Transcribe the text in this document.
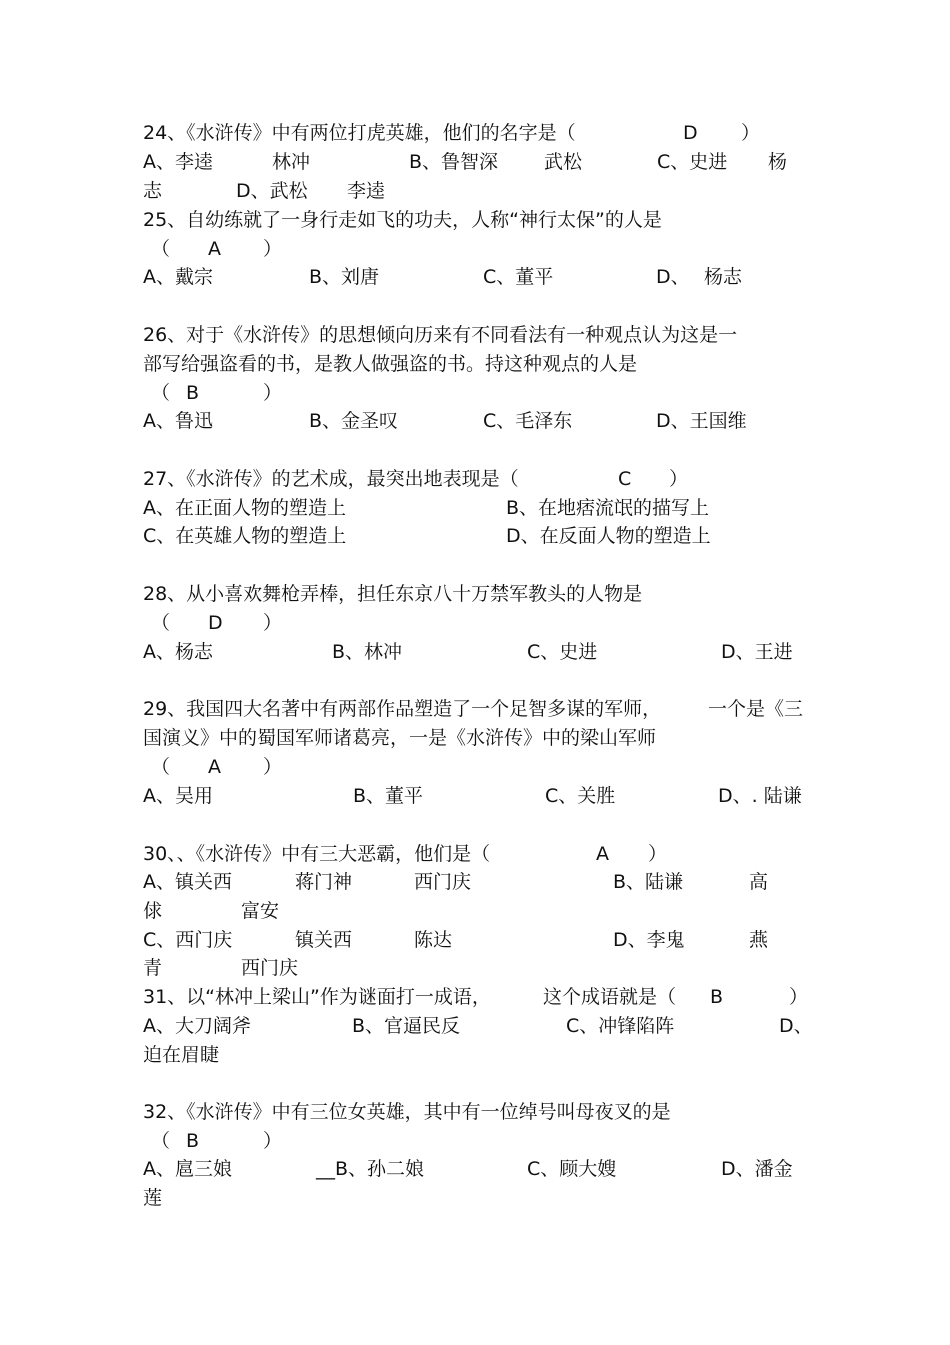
24、《水浒传》中有两位打虎英雄，他们的名字是（	D ）
A、李逵	林冲	B、鲁智深 武松	C、史进 杨
志	D、武松 李逵
25、自幼练就了一身行走如飞的功夫，人称“神行太保”的人是
（ A ）
A、戴宗	B、刘唐	C、董平	D、 杨志
26、对于《水浒传》的思想倾向历来有不同看法有一种观点认为这是一
部写给强盗看的书，是教人做强盗的书。持这种观点的人是
（ B	）
A、鲁迅	B、金圣叹	C、毛泽东	D、王国维
27、《水浒传》的艺术成，最突出地表现是（	C ）
A、在正面人物的塑造上	B、在地痞流氓的描写上
C、在英雄人物的塑造上	D、在反面人物的塑造上
28、从小喜欢舞枪弄棒，担任东京八十万禁军教头的人物是
（ D ）
A、杨志	B、林冲	C、史进	D、王进
29、我国四大名著中有两部作品塑造了一个足智多谋的军师， 一个是《三
国演义》中的蜀国军师诸葛亮，一是《水浒传》中的梁山军师
（ A ）
A、吴用	B、董平	C、关胜	D、. 陆谦
30、、《水浒传》中有三大恶霸，他们是（	A ）
A、镇关西	蒋门神	西门庆	B、陆谦	高
俅	富安
C、西门庆	镇关西	陈达	D、李鬼	燕
青	西门庆
31、以“林冲上梁山”作为谜面打一成语，	这个成语就是（ B	）
A、大刀阔斧	B、官逼民反	C、冲锋陷阵	D、
迫在眉睫
32、《水浒传》中有三位女英雄，其中有一位绰号叫母夜叉的是
（ B	）
A、扈三娘	__B、孙二娘	C、顾大嫂	D、潘金
莲
